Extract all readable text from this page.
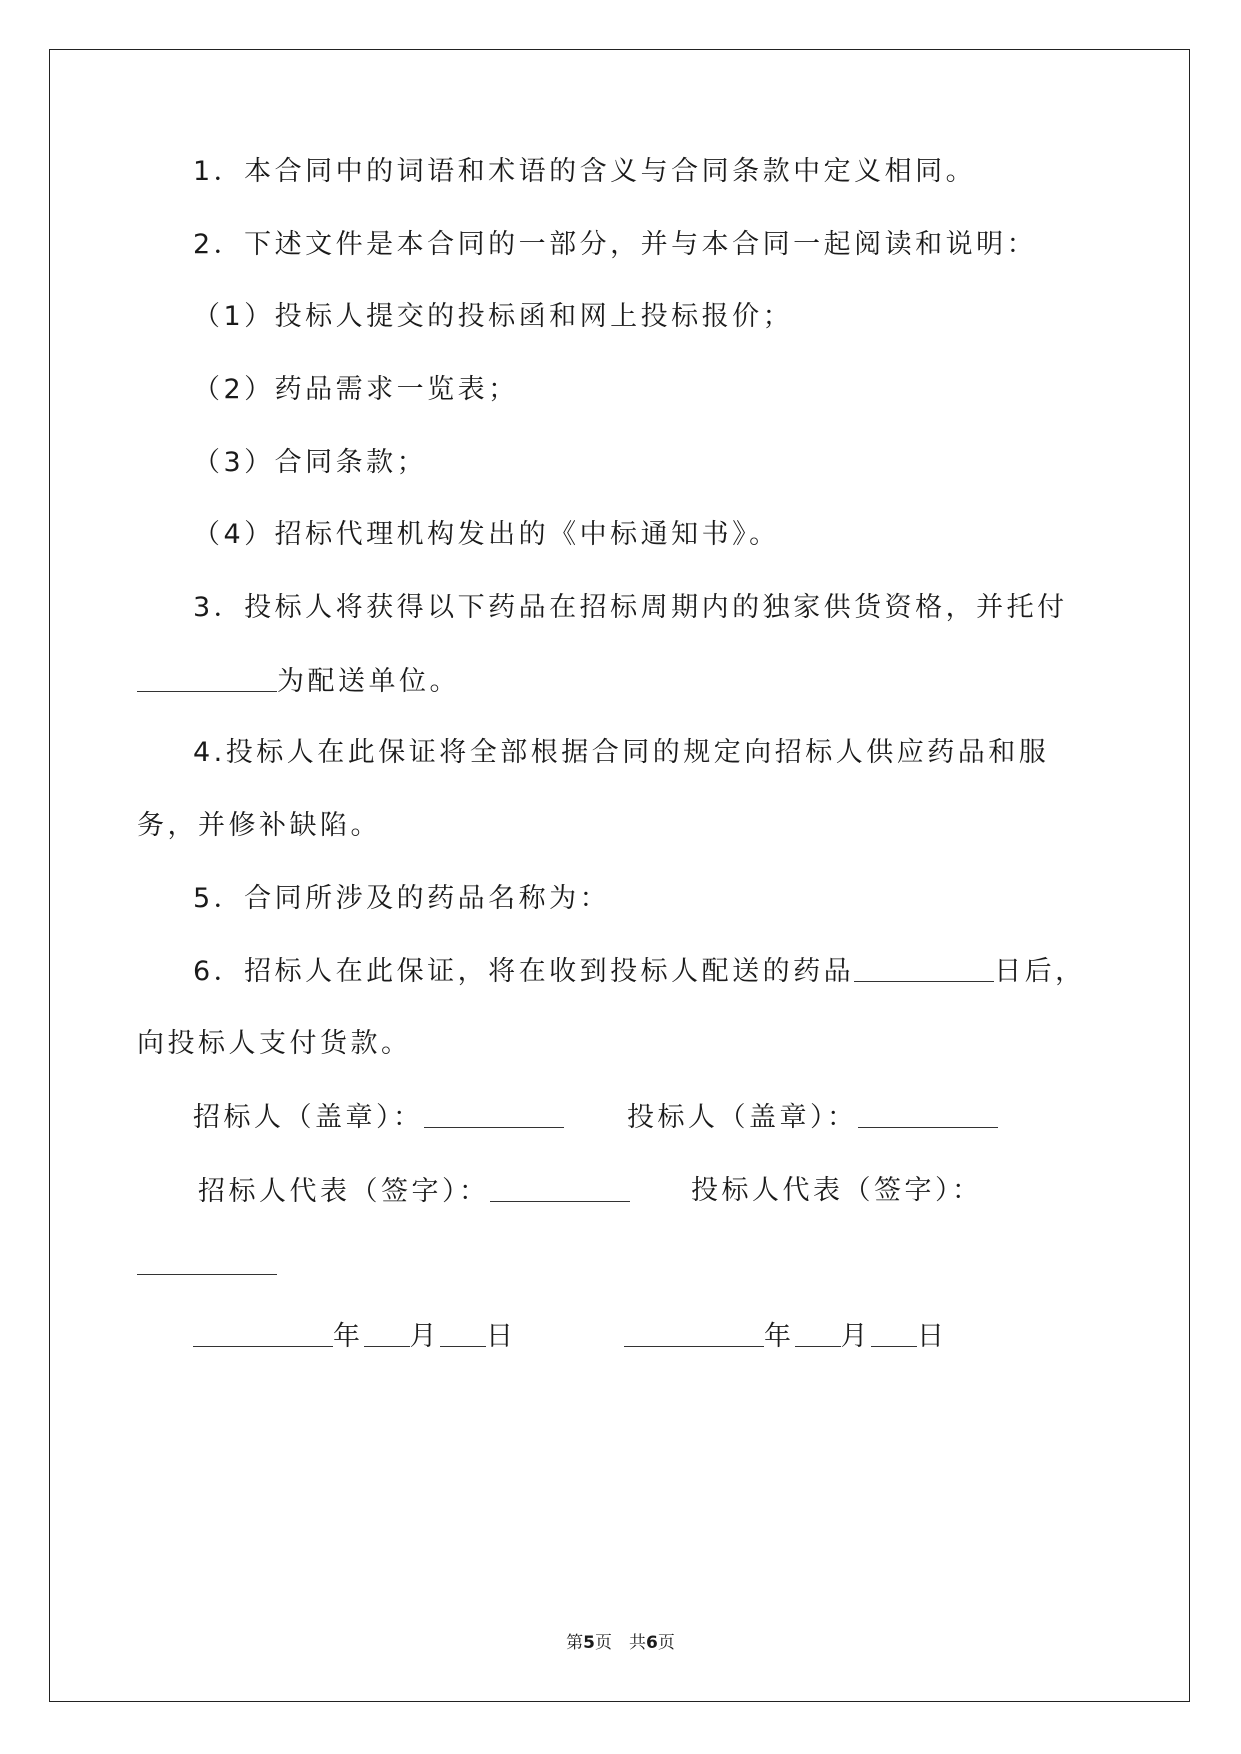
1．本合同中的词语和术语的含义与合同条款中定义相同。
2．下述文件是本合同的一部分，并与本合同一起阅读和说明：
（1）投标人提交的投标函和网上投标报价；
（2）药品需求一览表；
（3）合同条款；
（4）招标代理机构发出的《中标通知书》。
3．投标人将获得以下药品在招标周期内的独家供货资格，并托付
为配送单位。
4.投标人在此保证将全部根据合同的规定向招标人供应药品和服
务，并修补缺陷。
5．合同所涉及的药品名称为：
6．招标人在此保证，将在收到投标人配送的药品	日后，
向投标人支付货款。
招标人（盖章）：	投标人（盖章）：
招标人代表（签字）：	投标人代表（签字）：
年 月 日	年 月 日
第5页　共6页
